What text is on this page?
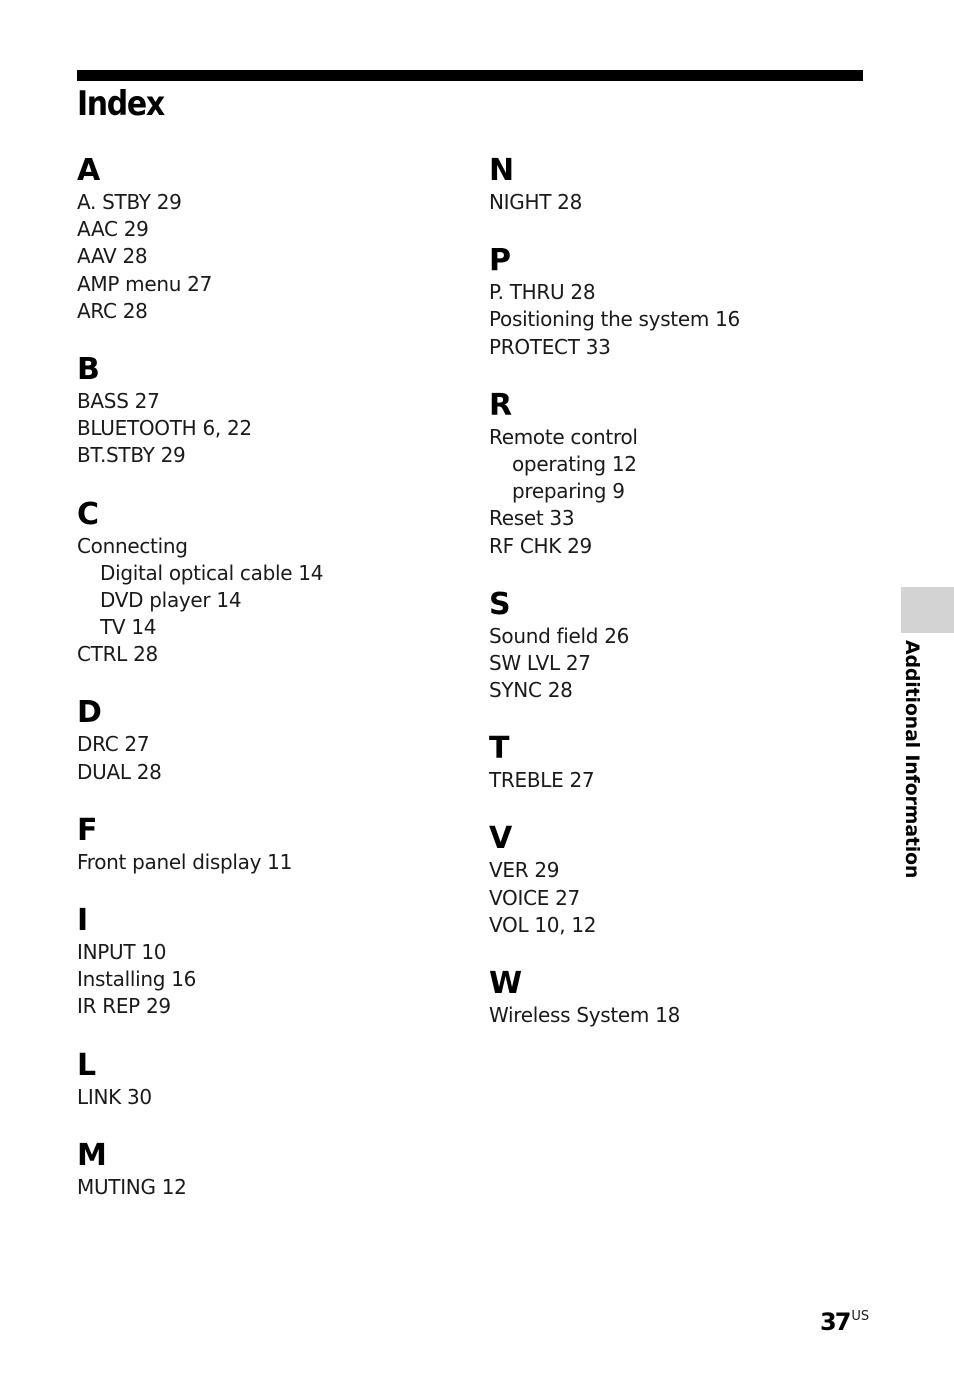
Index
A
A. STBY 29
AAC 29
AAV 28
AMP menu 27
ARC 28
B
BASS 27
BLUETOOTH 6, 22
BT.STBY 29
C
Connecting
Digital optical cable 14
DVD player 14
TV 14
CTRL 28
D
DRC 27
DUAL 28
F
Front panel display 11
I
INPUT 10
Installing 16
IR REP 29
L
LINK 30
M
MUTING 12
N
NIGHT 28
P
P. THRU 28
Positioning the system 16
PROTECT 33
R
Remote control
operating 12
preparing 9
Reset 33
RF CHK 29
S
Sound field 26
SW LVL 27
SYNC 28
T
TREBLE 27
V
VER 29
VOICE 27
VOL 10, 12
W
Wireless System 18
Additional Information
37 $^{US}$
